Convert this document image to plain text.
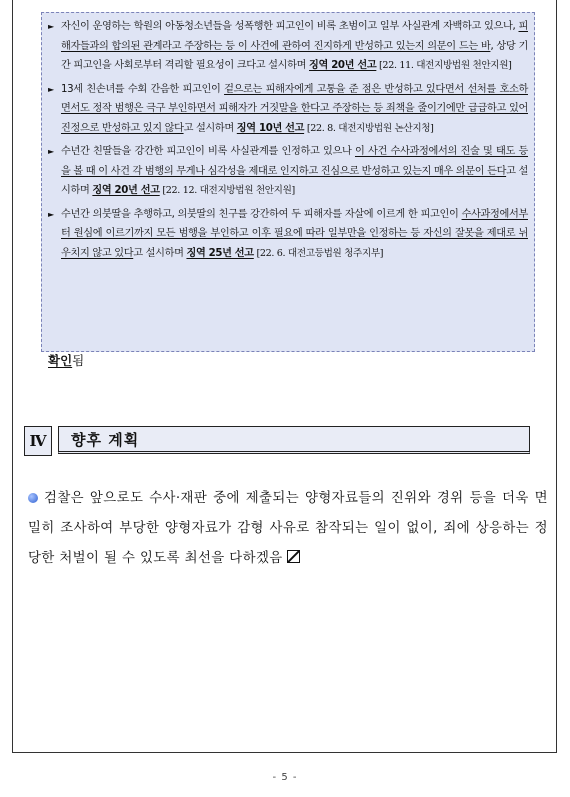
► 자신이 운영하는 학원의 아동청소년들을 성폭행한 피고인이 비록 초범이고 일부 사실관계 자백하고 있으나, 피해자들과의 합의된 관계라고 주장하는 등 이 사건에 관하여 진지하게 반성하고 있는지 의문이 드는 바, 상당 기간 피고인을 사회로부터 격리할 필요성이 크다고 설시하며 징역 20년 선고 [22. 11. 대전지방법원 천안지원]
► 13세 친손녀를 수회 간음한 피고인이 겉으로는 피해자에게 고통을 준 점은 반성하고 있다면서 선처를 호소하면서도 정작 범행은 극구 부인하면서 피해자가 거짓말을 한다고 주장하는 등 죄책을 줄이기에만 급급하고 있어 진정으로 반성하고 있지 않다고 설시하며 징역 10년 선고 [22. 8. 대전지방법원 논산지청]
► 수년간 친딸들을 강간한 피고인이 비록 사실관계를 인정하고 있으나 이 사건 수사과정에서의 진술 및 태도 등을 볼 때 이 사건 각 범행의 무게나 심각성을 제대로 인지하고 진심으로 반성하고 있는지 매우 의문이 든다고 설시하며 징역 20년 선고 [22. 12. 대전지방법원 천안지원]
► 수년간 의붓딸을 추행하고, 의붓딸의 친구를 강간하여 두 피해자를 자살에 이르게 한 피고인이 수사과정에서부터 원심에 이르기까지 모든 범행을 부인하고 이후 필요에 따라 일부만을 인정하는 등 자신의 잘못을 제대로 뉘우치지 않고 있다고 설시하며 징역 25년 선고 [22. 6. 대전고등법원 청주지부]
확인됨
Ⅳ	향후 계획
검찰은 앞으로도 수사·재판 중에 제출되는 양형자료들의 진위와 경위 등을 더욱 면밀히 조사하여 부당한 양형자료가 감형 사유로 참작되는 일이 없이, 죄에 상응하는 정당한 처벌이 될 수 있도록 최선을 다하겠음
- 5 -
